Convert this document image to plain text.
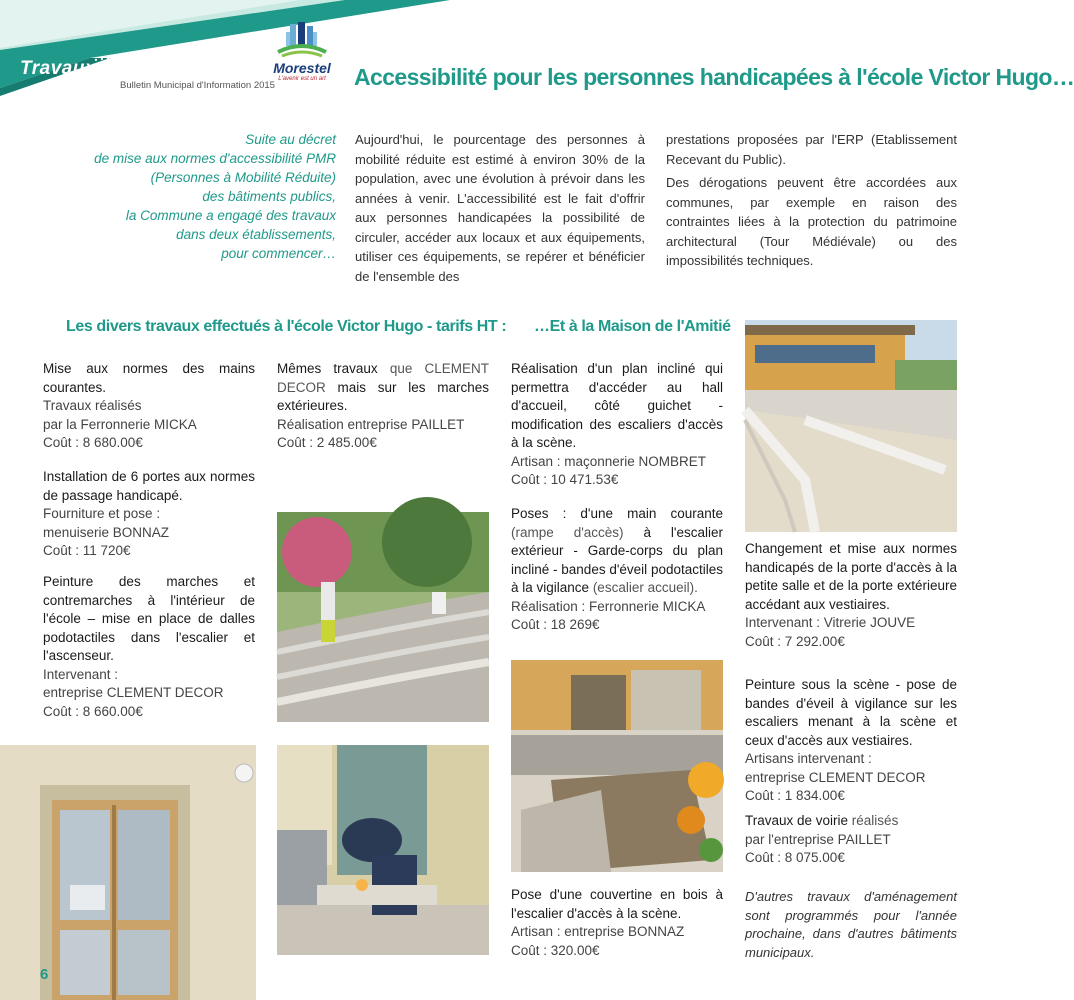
Travaux
Bulletin Municipal d'Information 2015
Morestel
L'avenir est un art	Accessibilité pour les personnes handicapées à l'école Victor Hugo…
Suite au décret
de mise aux normes d'accessibilité PMR
(Personnes à Mobilité Réduite)
des bâtiments publics,
la Commune a engagé des travaux
dans deux établissements,
pour commencer…

Aujourd'hui, le pourcentage des personnes à mobilité réduite est estimé à environ 30% de la population, avec une évolution à prévoir dans les années à venir. L'accessibilité est le fait d'offrir aux personnes handicapées la possibilité de circuler, accéder aux locaux et aux équipements, utiliser ces équipements, se repérer et bénéficier de l'ensemble des

prestations proposées par l'ERP (Etablissement Recevant du Public).

Des dérogations peuvent être accordées aux communes, par exemple en raison des contraintes liées à la protection du patrimoine architectural (Tour Médiévale) ou des impossibilités techniques.

Les divers travaux effectués à l'école Victor Hugo - tarifs HT : …Et à la Maison de l'Amitié
Mise aux normes des mains courantes.
Travaux réalisés
par la Ferronnerie MICKA
Coût : 8 680.00€
Installation de 6 portes aux normes de passage handicapé.
Fourniture et pose :
menuiserie BONNAZ
Coût : 11 720€
Peinture des marches et contremarches à l'intérieur de l'école – mise en place de dalles podotactiles dans l'escalier et l'ascenseur.
Intervenant :
entreprise CLEMENT DECOR
Coût : 8 660.00€
Mêmes travaux que CLEMENT DECOR mais sur les marches extérieures.
Réalisation entreprise PAILLET
Coût : 2 485.00€
Réalisation d'un plan incliné qui permettra d'accéder au hall d'accueil, côté guichet - modification des escaliers d'accès à la scène.
Artisan : maçonnerie NOMBRET
Coût : 10 471.53€
Poses : d'une main courante (rampe d'accès) à l'escalier extérieur - Garde-corps du plan incliné - bandes d'éveil podotactiles à la vigilance (escalier accueil).
Réalisation : Ferronnerie MICKA
Coût : 18 269€
Pose d'une couvertine en bois à l'escalier d'accès à la scène.
Artisan : entreprise BONNAZ
Coût : 320.00€
Changement et mise aux normes handicapés de la porte d'accès à la petite salle et de la porte extérieure accédant aux vestiaires.
Intervenant : Vitrerie JOUVE
Coût : 7 292.00€
Peinture sous la scène - pose de bandes d'éveil à vigilance sur les escaliers menant à la scène et ceux d'accès aux vestiaires.
Artisans intervenant :
entreprise CLEMENT DECOR
Coût : 1 834.00€
Travaux de voirie réalisés
par l'entreprise PAILLET
Coût : 8 075.00€
D'autres travaux d'aménagement sont programmés pour l'année prochaine, dans d'autres bâtiments municipaux.
6
